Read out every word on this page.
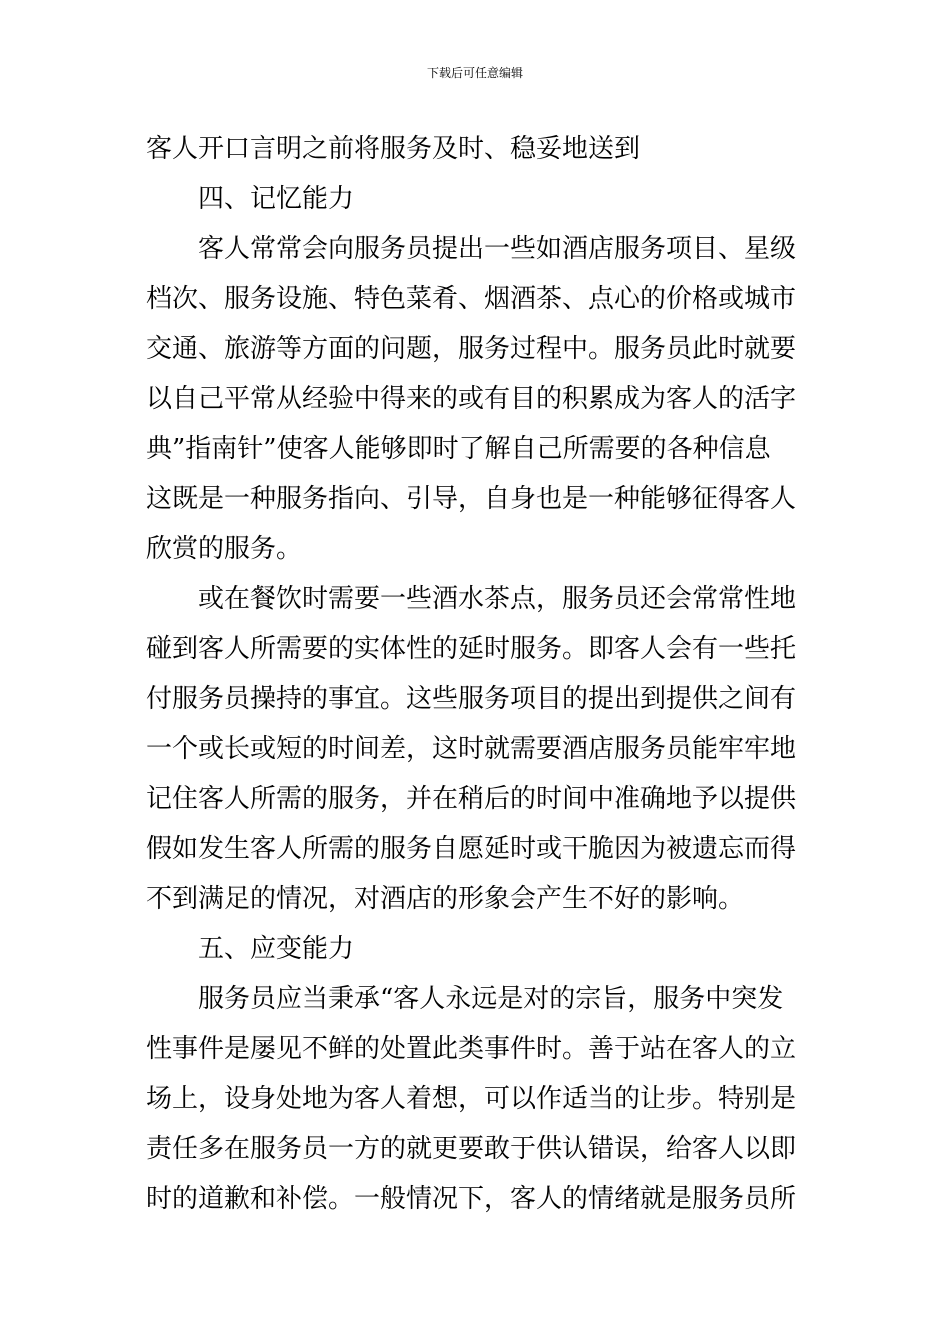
下载后可任意编辑
客人开口言明之前将服务及时、稳妥地送到
四、记忆能力
客人常常会向服务员提出一些如酒店服务项目、星级
档次、服务设施、特色菜肴、烟酒茶、点心的价格或城市
交通、旅游等方面的问题，服务过程中。服务员此时就要
以自己平常从经验中得来的或有目的积累成为客人的活字
典”指南针”使客人能够即时了解自己所需要的各种信息
这既是一种服务指向、引导，自身也是一种能够征得客人
欣赏的服务。
或在餐饮时需要一些酒水茶点，服务员还会常常性地
碰到客人所需要的实体性的延时服务。即客人会有一些托
付服务员操持的事宜。这些服务项目的提出到提供之间有
一个或长或短的时间差，这时就需要酒店服务员能牢牢地
记住客人所需的服务，并在稍后的时间中准确地予以提供
假如发生客人所需的服务自愿延时或干脆因为被遗忘而得
不到满足的情况，对酒店的形象会产生不好的影响。
五、应变能力
服务员应当秉承“客人永远是对的宗旨，服务中突发
性事件是屡见不鲜的处置此类事件时。善于站在客人的立
场上，设身处地为客人着想，可以作适当的让步。特别是
责任多在服务员一方的就更要敢于供认错误，给客人以即
时的道歉和补偿。一般情况下，客人的情绪就是服务员所
